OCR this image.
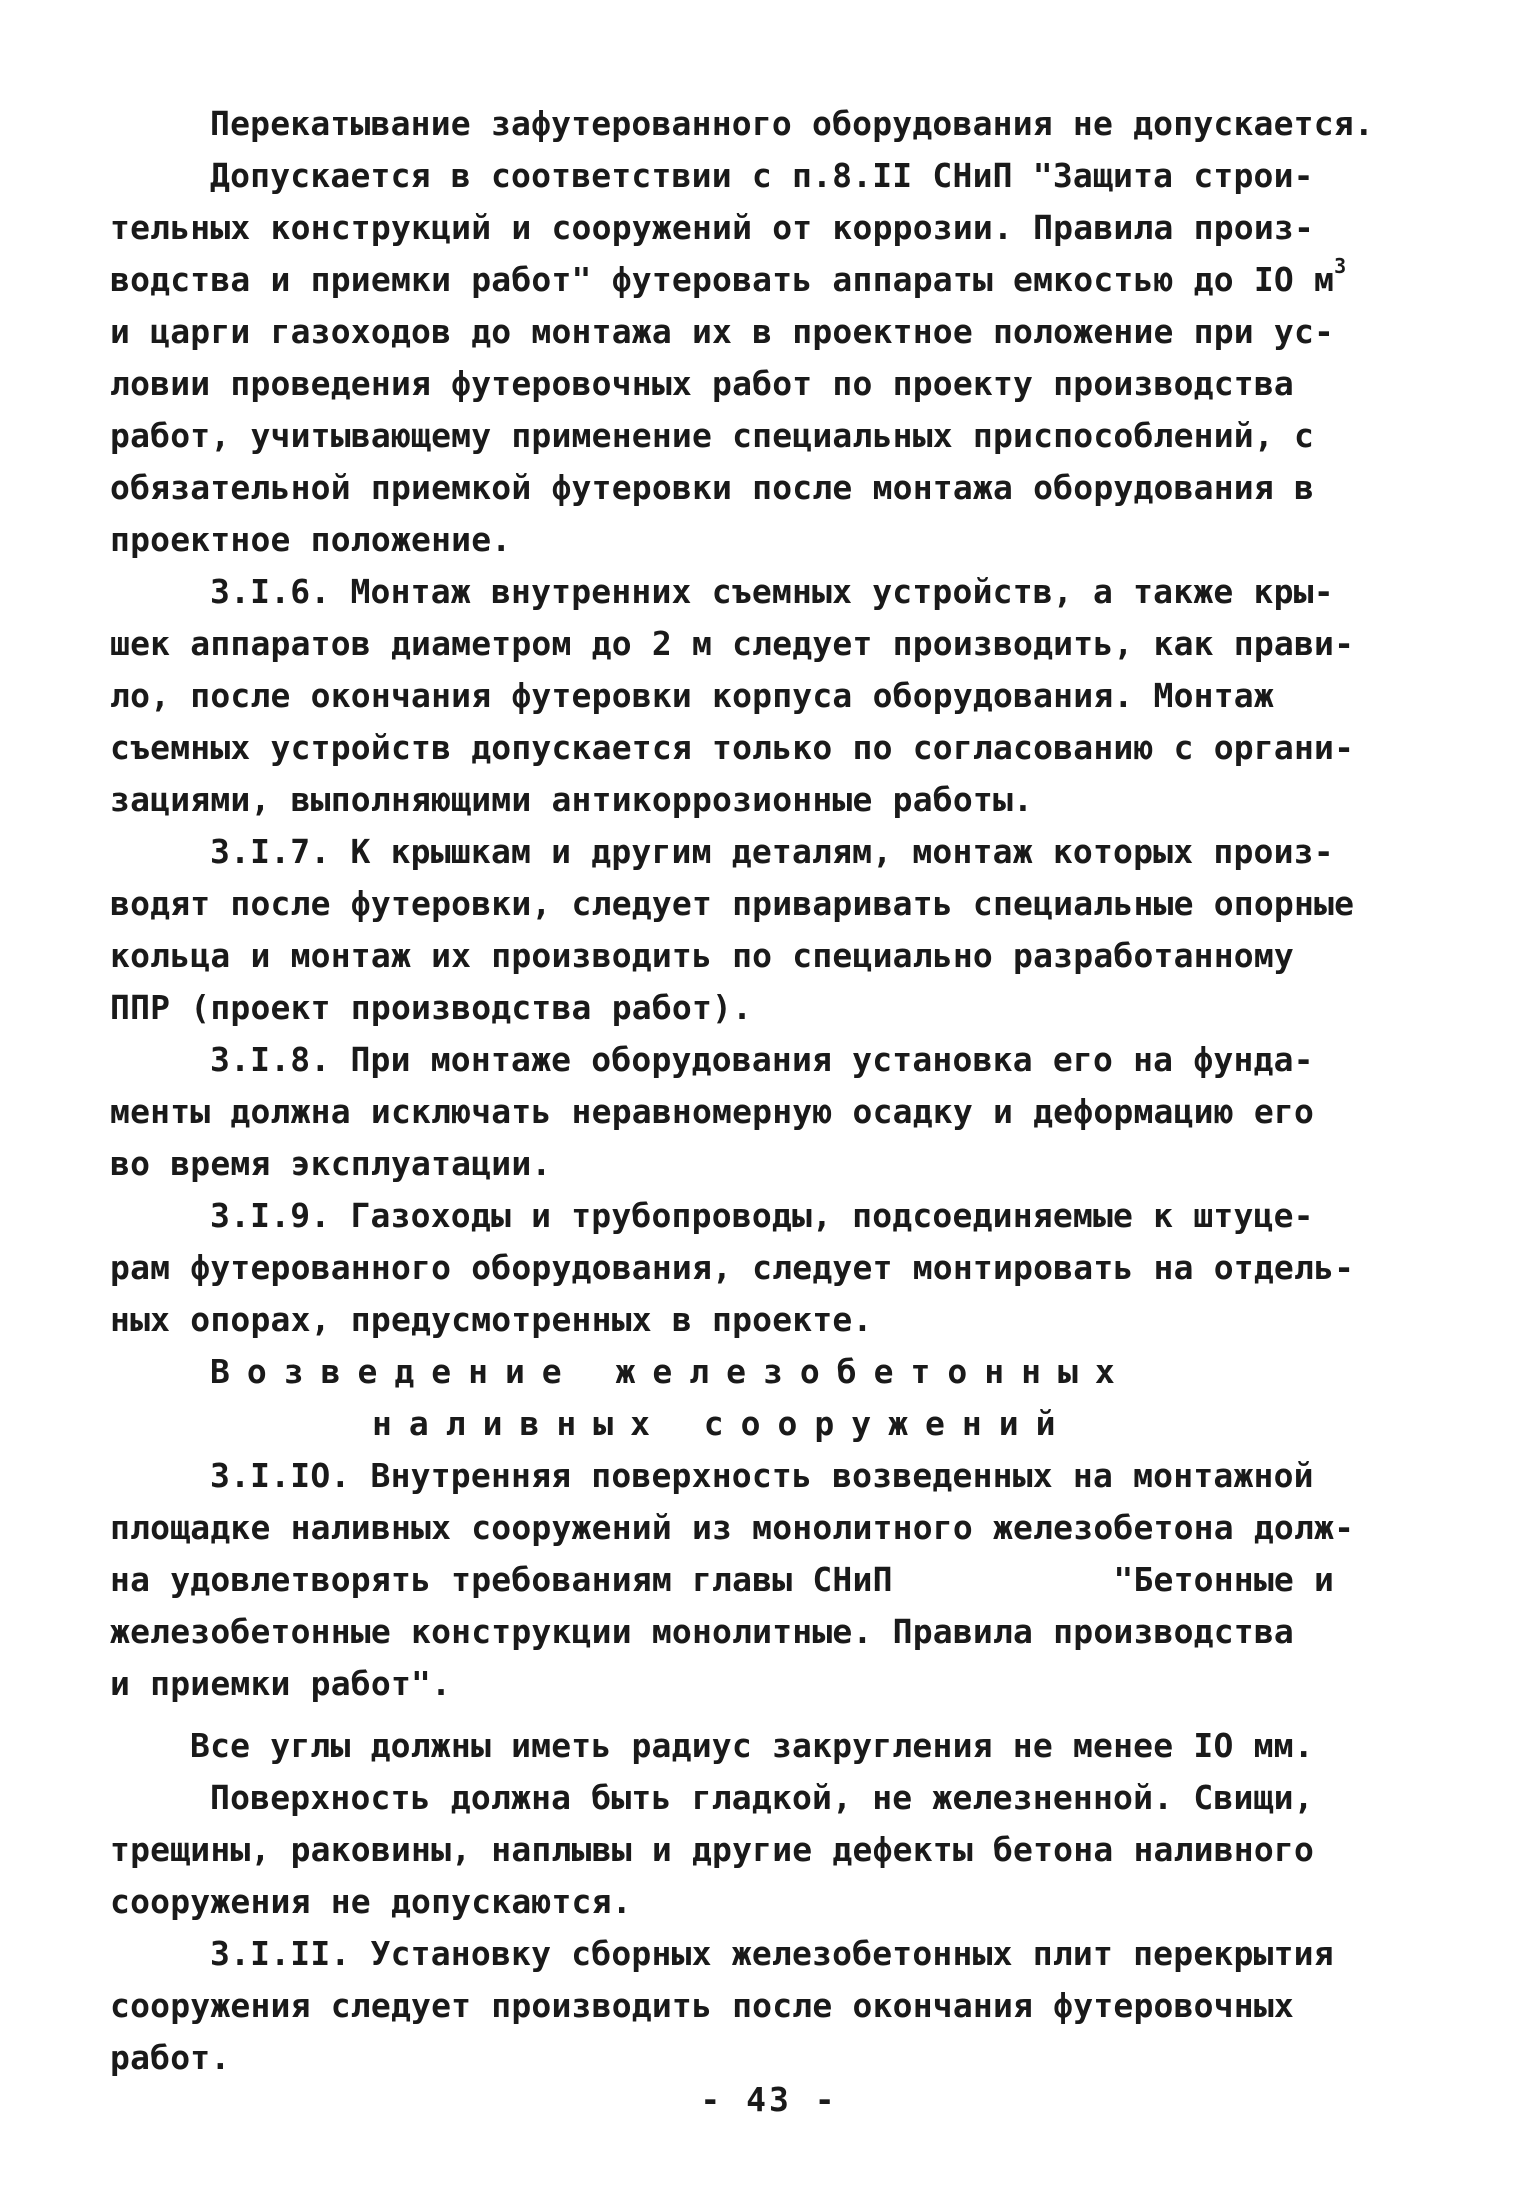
Перекатывание зафутерованного оборудования не допускается.
Допускается в соответствии с п.8.II СНиП "Защита строи-
тельных конструкций и сооружений от коррозии. Правила произ-
водства и приемки работ" футеровать аппараты емкостью до IO $м^3$
и царги газоходов до монтажа их в проектное положение при ус-
ловии проведения футеровочных работ по проекту производства
работ, учитывающему применение специальных приспособлений, с
обязательной приемкой футеровки после монтажа оборудования в
проектное положение.
3.I.6. Монтаж внутренних съемных устройств, а также кры-
шек аппаратов диаметром до 2 м следует производить, как прави-
ло, после окончания футеровки корпуса оборудования. Монтаж
съемных устройств допускается только по согласованию с органи-
зациями, выполняющими антикоррозионные работы.
3.I.7. К крышкам и другим деталям, монтаж которых произ-
водят после футеровки, следует приваривать специальные опорные
кольца и монтаж их производить по специально разработанному
ППР (проект производства работ).
3.I.8. При монтаже оборудования установка его на фунда-
менты должна исключать неравномерную осадку и деформацию его
во время эксплуатации.
3.I.9. Газоходы и трубопроводы, подсоединяемые к штуце-
рам футерованного оборудования, следует монтировать на отдель-
ных опорах, предусмотренных в проекте.
Возведение железобетонных
наливных сооружений
3.I.IO. Внутренняя поверхность возведенных на монтажной
площадке наливных сооружений из монолитного железобетона долж-
на удовлетворять требованиям главы СНиП           "Бетонные и
железобетонные конструкции монолитные. Правила производства
и приемки работ".
Все углы должны иметь радиус закругления не менее IO мм.
Поверхность должна быть гладкой, не железненной. Свищи,
трещины, раковины, наплывы и другие дефекты бетона наливного
сооружения не допускаются.
3.I.II. Установку сборных железобетонных плит перекрытия
сооружения следует производить после окончания футеровочных
работ.
- 43 -
